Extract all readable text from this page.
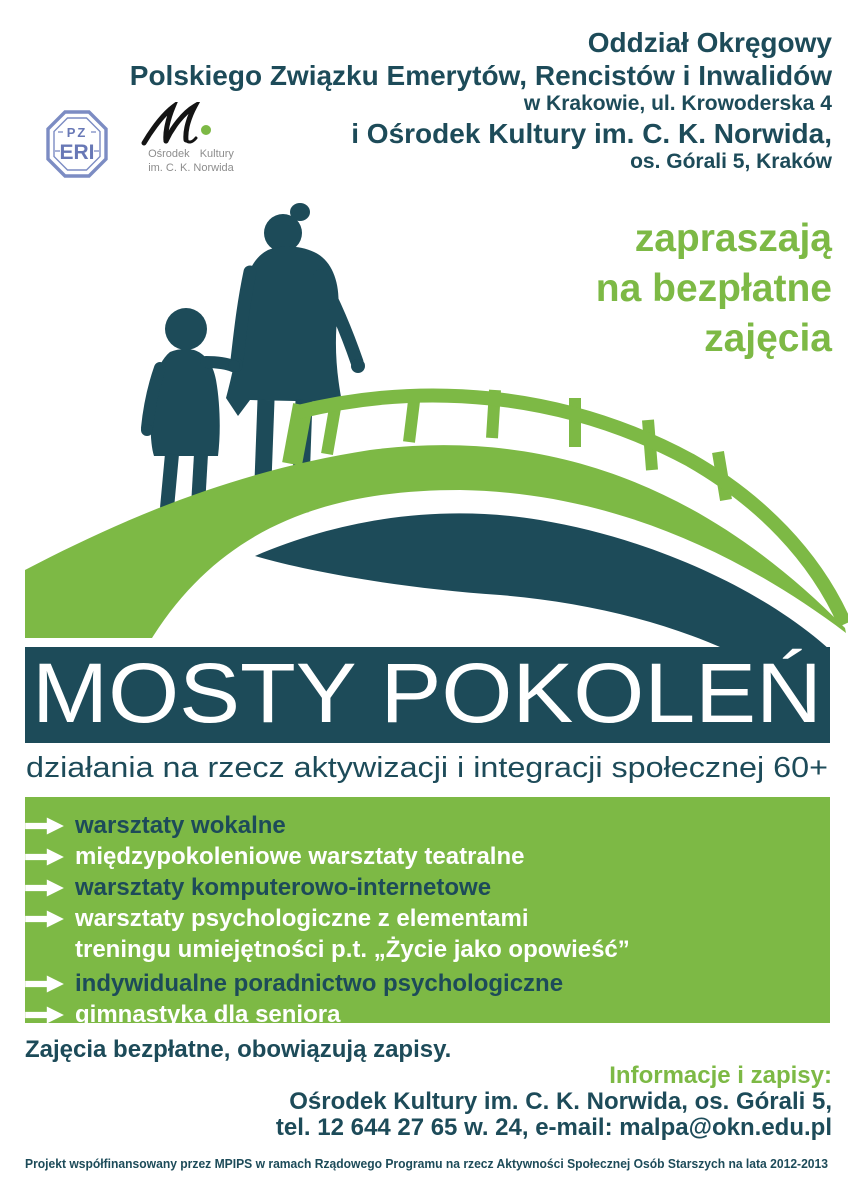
Oddział Okręgowy
Polskiego Związku Emerytów, Rencistów i Inwalidów
w Krakowie, ul. Krowoderska 4
i Ośrodek Kultury im. C. K. Norwida,
os. Górali 5, Kraków
PZ
ERI	Ośrodek Kultury
im. C. K. Norwida
zapraszają
na bezpłatne
zajęcia
MOSTY POKOLEŃ
działania na rzecz aktywizacji i integracji społecznej 60+
warsztaty wokalne
międzypokoleniowe warsztaty teatralne
warsztaty komputerowo-internetowe
warsztaty psychologiczne z elementami
treningu umiejętności p.t. „Życie jako opowieść”
indywidualne poradnictwo psychologiczne
gimnastyka dla seniora
Zajęcia bezpłatne, obowiązują zapisy.
Informacje i zapisy:
Ośrodek Kultury im. C. K. Norwida, os. Górali 5,
tel. 12 644 27 65 w. 24, e-mail: malpa@okn.edu.pl
Projekt współfinansowany przez MPIPS w ramach Rządowego Programu na rzecz Aktywności Społecznej Osób Starszych na lata 2012-2013
